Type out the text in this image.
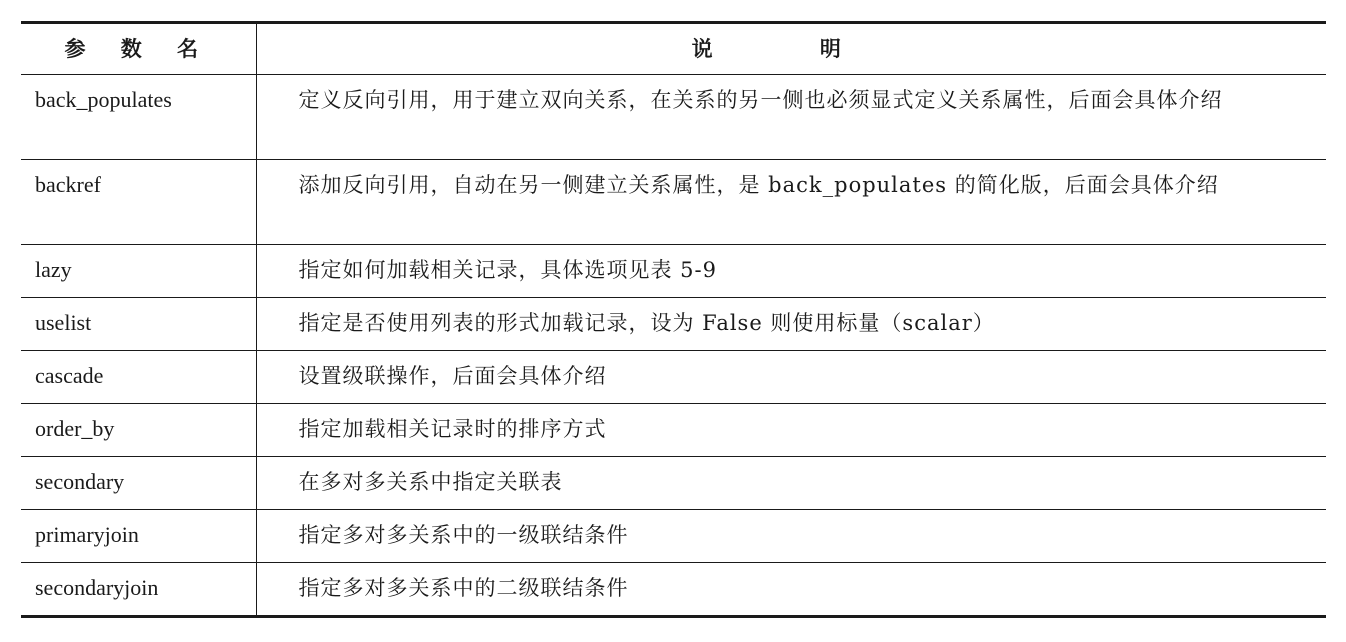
参 数 名	说 明
back_populates	定义反向引用，用于建立双向关系，在关系的另一侧也必须显式定义关系属性，后面会具体介绍
backref	添加反向引用，自动在另一侧建立关系属性，是 back_populates 的简化版，后面会具体介绍
lazy	指定如何加载相关记录，具体选项见表 5-9
uselist	指定是否使用列表的形式加载记录，设为 False 则使用标量（scalar）
cascade	设置级联操作，后面会具体介绍
order_by	指定加载相关记录时的排序方式
secondary	在多对多关系中指定关联表
primaryjoin	指定多对多关系中的一级联结条件
secondaryjoin	指定多对多关系中的二级联结条件
